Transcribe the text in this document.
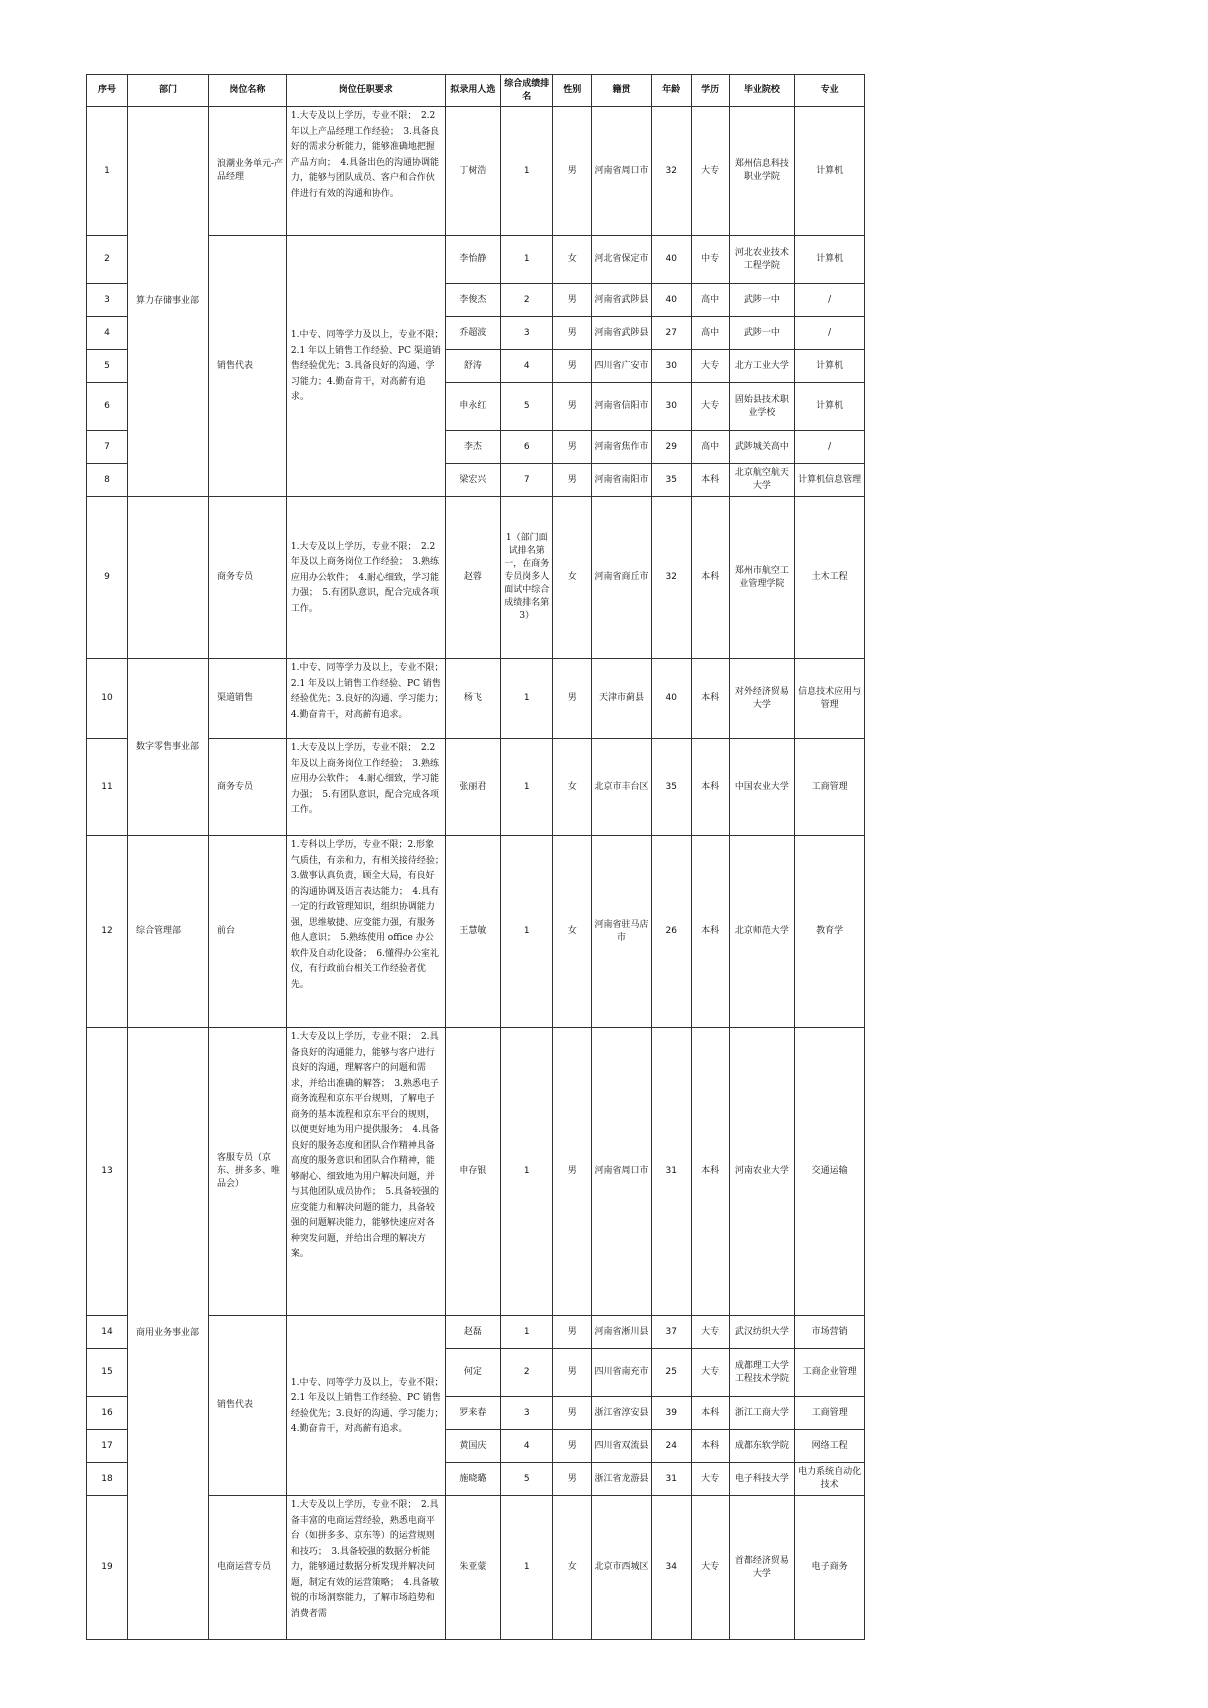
序号	部门	岗位名称	岗位任职要求	拟录用人选	综合成绩排名	性别	籍贯	年龄	学历	毕业院校	专业
1	算力存储事业部	浪潮业务单元-产品经理	1.大专及以上学历，专业不限；　2.2 年以上产品经理工作经验；　3.具备良好的需求分析能力，能够准确地把握产品方向；　4.具备出色的沟通协调能力，能够与团队成员、客户和合作伙伴进行有效的沟通和协作。	丁树浩	1	男	河南省周口市	32	大专	郑州信息科技职业学院	计算机
2		销售代表	1.中专、同等学力及以上，专业不限；　2.1 年以上销售工作经验、PC 渠道销售经验优先；3.具备良好的沟通、学习能力；4.勤奋肯干，对高薪有追求。	李怡静	1	女	河北省保定市	40	中专	河北农业技术工程学院	计算机
3				李俊杰	2	男	河南省武陟县	40	高中	武陟一中	/
4				乔超波	3	男	河南省武陟县	27	高中	武陟一中	/
5				舒涛	4	男	四川省广安市	30	大专	北方工业大学	计算机
6				申永红	5	男	河南省信阳市	30	大专	固始县技术职业学校	计算机
7				李杰	6	男	河南省焦作市	29	高中	武陟城关高中	/
8				梁宏兴	7	男	河南省南阳市	35	本科	北京航空航天大学	计算机信息管理
9		商务专员	1.大专及以上学历，专业不限；　2.2 年及以上商务岗位工作经验；　3.熟练应用办公软件；　4.耐心细致，学习能力强；　5.有团队意识，配合完成各项工作。	赵蓉	1（部门面试排名第一，在商务专员岗多人面试中综合成绩排名第 3）	女	河南省商丘市	32	本科	郑州市航空工业管理学院	土木工程
10	数字零售事业部	渠道销售	1.中专、同等学力及以上，专业不限；　　2.1 年及以上销售工作经验、PC 销售经验优先；3.良好的沟通、学习能力；　4.勤奋肯干，对高薪有追求。	杨飞	1	男	天津市蓟县	40	本科	对外经济贸易大学	信息技术应用与管理
11		商务专员	1.大专及以上学历，专业不限；　2.2 年及以上商务岗位工作经验；　3.熟练应用办公软件；　4.耐心细致，学习能力强；　5.有团队意识，配合完成各项工作。	张丽君	1	女	北京市丰台区	35	本科	中国农业大学	工商管理
12	综合管理部	前台	1.专科以上学历，专业不限；2.形象气质佳，有亲和力，有相关接待经验；　3.做事认真负责，顾全大局，有良好的沟通协调及语言表达能力；　4.具有一定的行政管理知识，组织协调能力强，思维敏捷、应变能力强，有服务他人意识；　5.熟练使用 office 办公软件及自动化设备；　6.懂得办公室礼仪，有行政前台相关工作经验者优先。	王慧敏	1	女	河南省驻马店市	26	本科	北京师范大学	教育学
13	商用业务事业部	客服专员（京东、拼多多、唯品会）	1.大专及以上学历，专业不限；　2.具备良好的沟通能力，能够与客户进行良好的沟通，理解客户的问题和需求，并给出准确的解答；　3.熟悉电子商务流程和京东平台规则，了解电子商务的基本流程和京东平台的规则，以便更好地为用户提供服务；　4.具备良好的服务态度和团队合作精神具备高度的服务意识和团队合作精神，能够耐心、细致地为用户解决问题，并与其他团队成员协作；　5.具备较强的应变能力和解决问题的能力，具备较强的问题解决能力，能够快速应对各种突发问题，并给出合理的解决方案。	申存银	1	男	河南省周口市	31	本科	河南农业大学	交通运输
14		销售代表	1.中专、同等学力及以上，专业不限；　　2.1 年及以上销售工作经验、PC 销售经验优先；3.良好的沟通、学习能力；　4.勤奋肯干，对高薪有追求。	赵磊	1	男	河南省淅川县	37	大专	武汉纺织大学	市场营销
15				何定	2	男	四川省南充市	25	大专	成都理工大学工程技术学院	工商企业管理
16				罗来春	3	男	浙江省淳安县	39	本科	浙江工商大学	工商管理
17				黄国庆	4	男	四川省双流县	24	本科	成都东软学院	网络工程
18				施晓璐	5	男	浙江省龙游县	31	大专	电子科技大学	电力系统自动化技术
19		电商运营专员	1.大专及以上学历，专业不限；　2.具备丰富的电商运营经验，熟悉电商平台（如拼多多、京东等）的运营规则和技巧；　3.具备较强的数据分析能力，能够通过数据分析发现并解决问题，制定有效的运营策略；　4.具备敏锐的市场洞察能力，了解市场趋势和消费者需	朱亚蒙	1	女	北京市西城区	34	大专	首都经济贸易大学	电子商务
